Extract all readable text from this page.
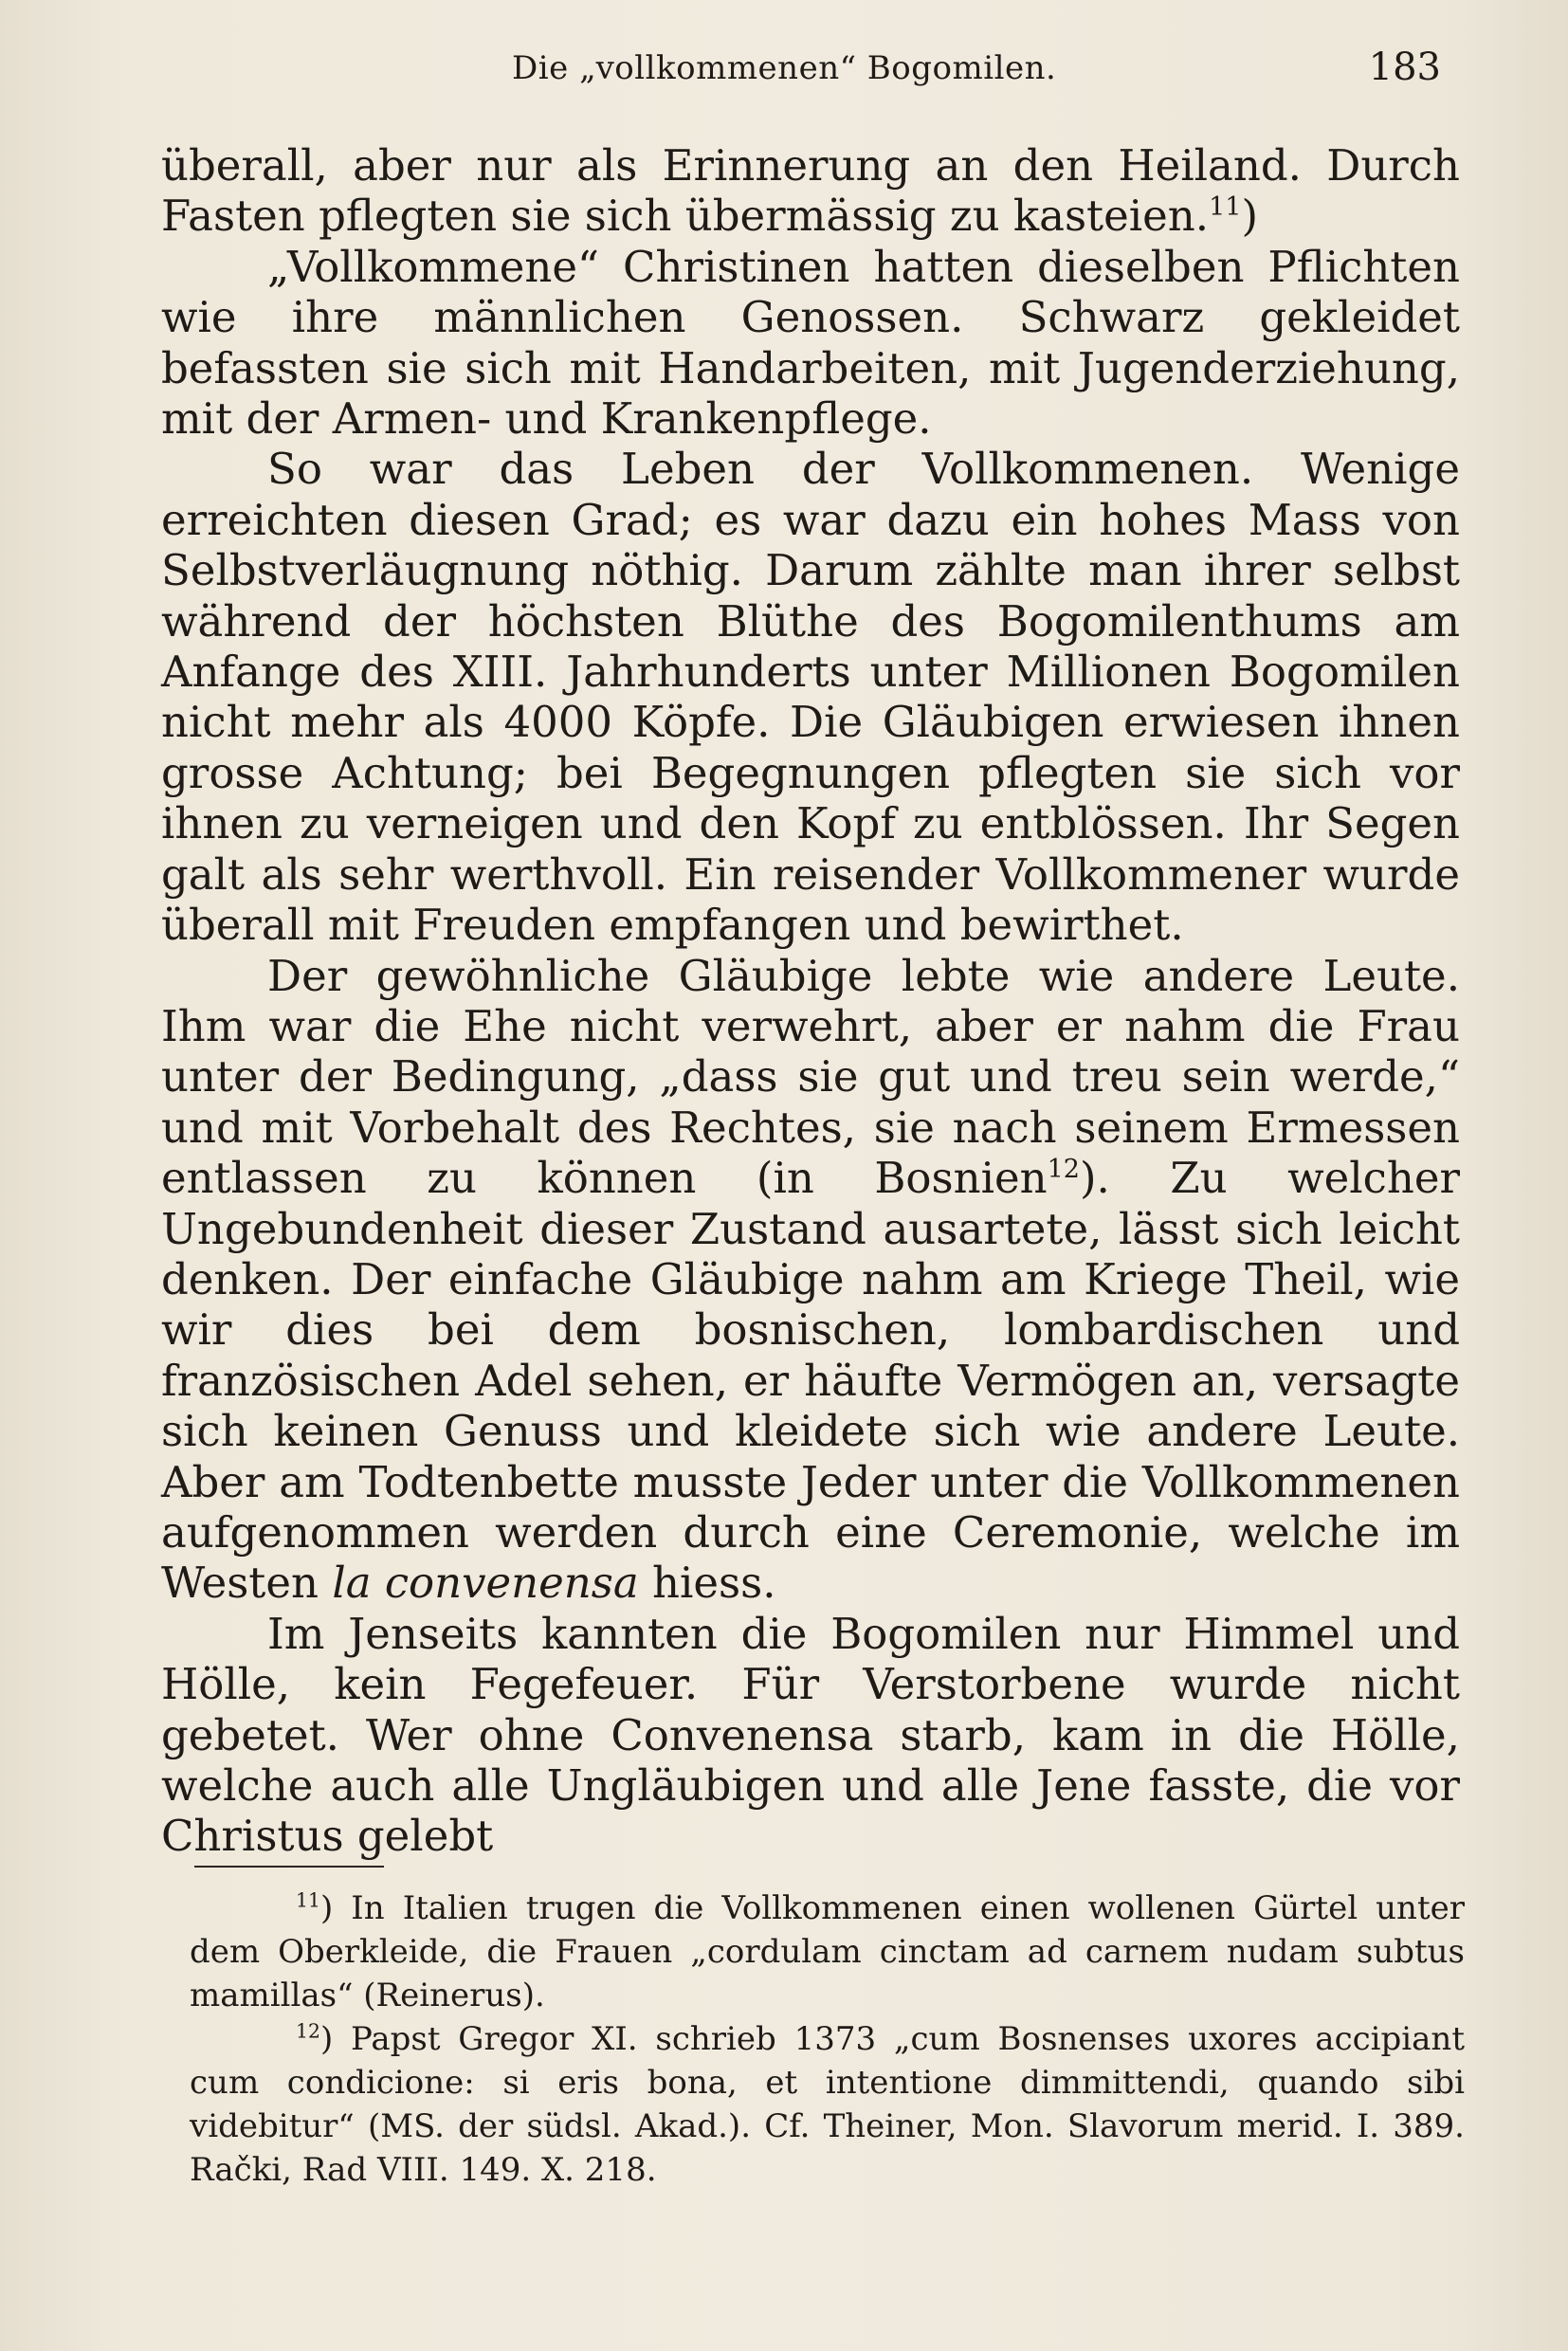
Die „vollkommenen“ Bogomilen.	183

überall, aber nur als Erinnerung an den Heiland. Durch Fasten pflegten sie sich übermässig zu kasteien.$^{11}$)

„Vollkommene“ Christinen hatten dieselben Pflichten wie ihre männlichen Genossen. Schwarz gekleidet befassten sie sich mit Handarbeiten, mit Jugenderziehung, mit der Armen- und Krankenpflege.

So war das Leben der Vollkommenen. Wenige erreichten diesen Grad; es war dazu ein hohes Mass von Selbstverläugnung nöthig. Darum zählte man ihrer selbst während der höchsten Blüthe des Bogomilenthums am Anfange des XIII. Jahrhunderts unter Millionen Bogomilen nicht mehr als 4000 Köpfe. Die Gläubigen erwiesen ihnen grosse Achtung; bei Begegnungen pflegten sie sich vor ihnen zu verneigen und den Kopf zu entblössen. Ihr Segen galt als sehr werthvoll. Ein reisender Vollkommener wurde überall mit Freuden empfangen und bewirthet.

Der gewöhnliche Gläubige lebte wie andere Leute. Ihm war die Ehe nicht verwehrt, aber er nahm die Frau unter der Bedingung, „dass sie gut und treu sein werde,“ und mit Vorbehalt des Rechtes, sie nach seinem Ermessen entlassen zu können (in Bosnien$^{12}$). Zu welcher Ungebundenheit dieser Zustand ausartete, lässt sich leicht denken. Der einfache Gläubige nahm am Kriege Theil, wie wir dies bei dem bosnischen, lombardischen und französischen Adel sehen, er häufte Vermögen an, versagte sich keinen Genuss und kleidete sich wie andere Leute. Aber am Todtenbette musste Jeder unter die Vollkommenen aufgenommen werden durch eine Ceremonie, welche im Westen la convenensa hiess.

Im Jenseits kannten die Bogomilen nur Himmel und Hölle, kein Fegefeuer. Für Verstorbene wurde nicht gebetet. Wer ohne Convenensa starb, kam in die Hölle, welche auch alle Ungläubigen und alle Jene fasste, die vor Christus gelebt

$^{11}$) In Italien trugen die Vollkommenen einen wollenen Gürtel unter dem Oberkleide, die Frauen „cordulam cinctam ad carnem nudam subtus mamillas“ (Reinerus).

$^{12}$) Papst Gregor XI. schrieb 1373 „cum Bosnenses uxores accipiant cum condicione: si eris bona, et intentione dimmittendi, quando sibi videbitur“ (MS. der südsl. Akad.). Cf. Theiner, Mon. Slavorum merid. I. 389. Rački, Rad VIII. 149. X. 218.
